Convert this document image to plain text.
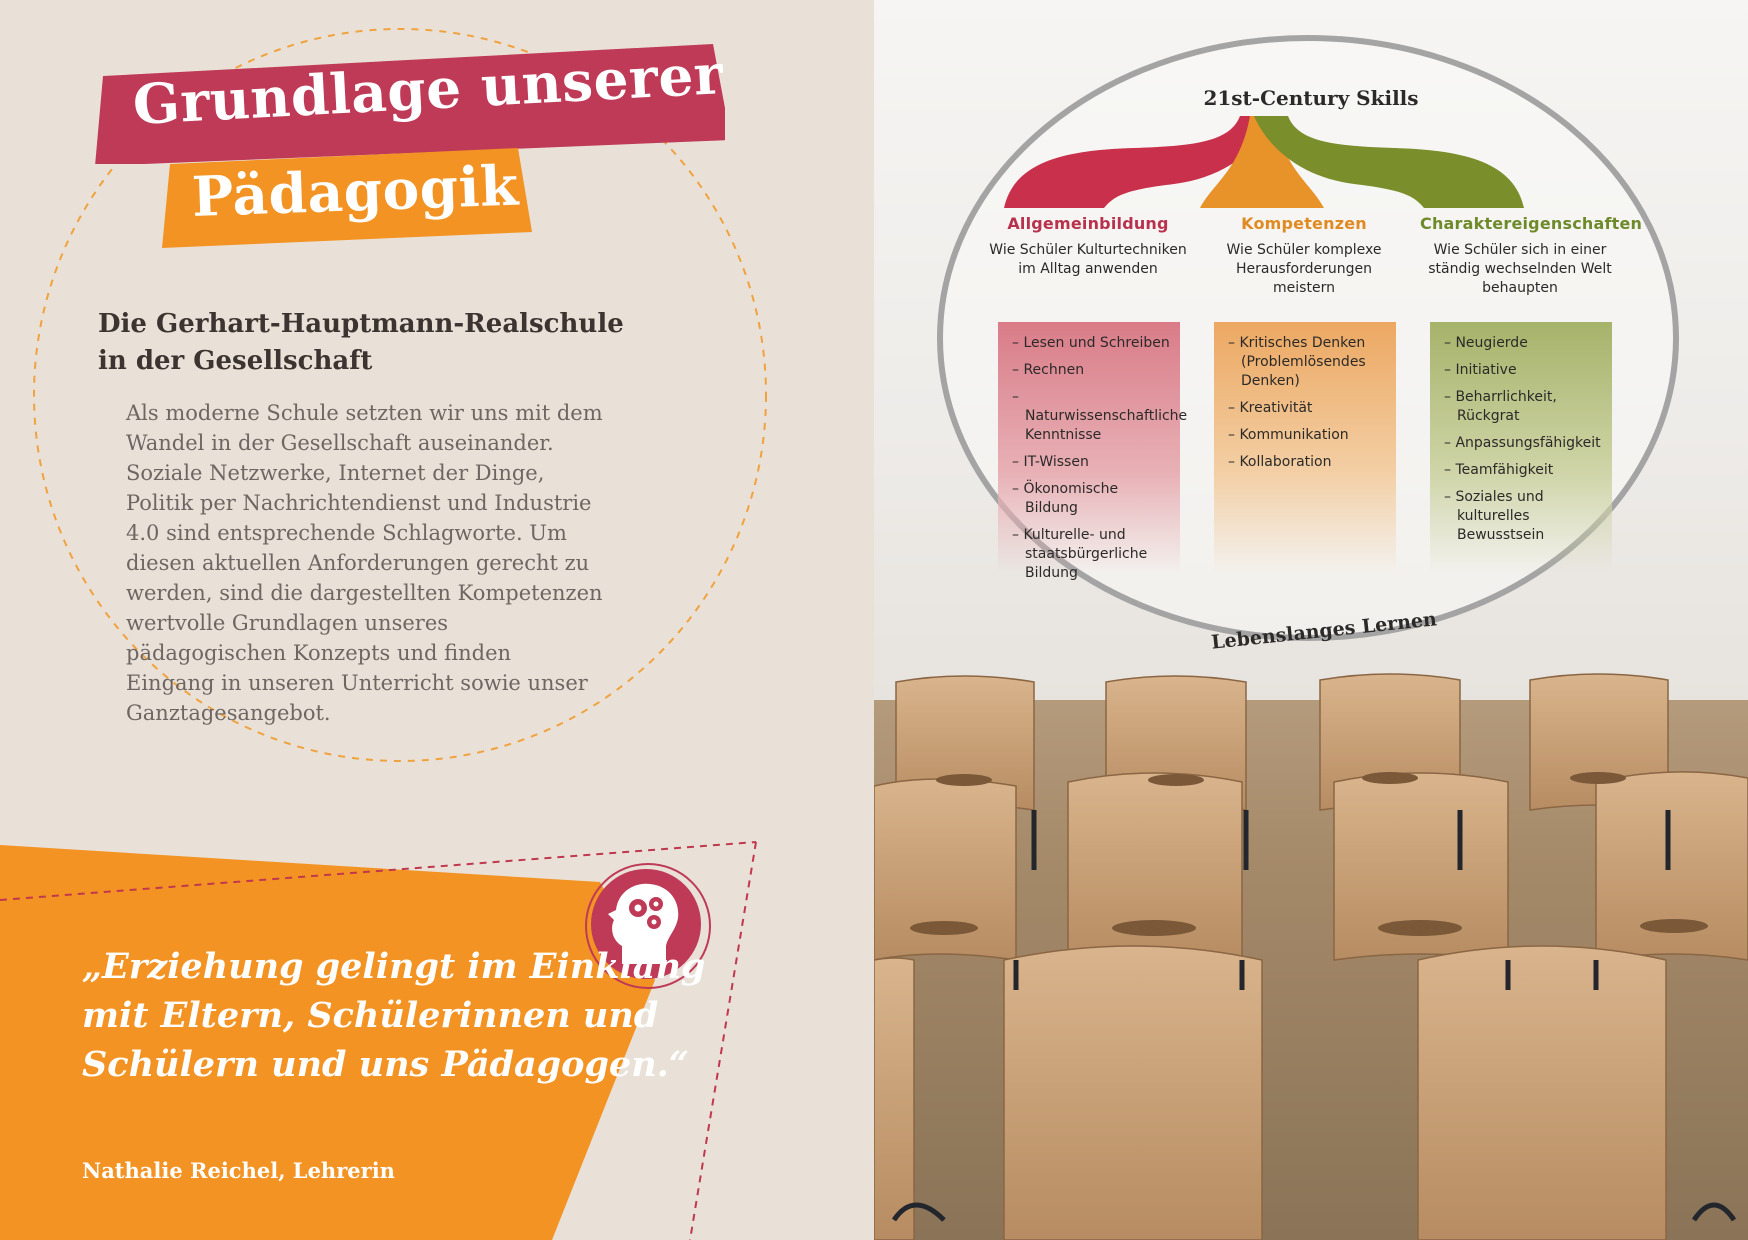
Grundlage unserer
Pädagogik
Die Gerhart-Hauptmann-Realschule in der Gesellschaft
Als moderne Schule setzten wir uns mit dem Wandel in der Gesellschaft auseinander. Soziale Netzwerke, Internet der Dinge, Politik per Nachrichtendienst und Industrie 4.0 sind entsprechende Schlagworte. Um diesen aktuellen Anforderungen gerecht zu werden, sind die dargestellten Kompetenzen wertvolle Grundlagen unseres pädagogischen Konzepts und finden Eingang in unseren Unterricht sowie unser Ganztagesangebot.
„Erziehung gelingt im Einklang mit Eltern, Schülerinnen und Schülern und uns Pädagogen.“
Nathalie Reichel, Lehrerin
21st-Century Skills
Allgemeinbildung
Wie Schüler Kulturtechniken im Alltag anwenden
– Lesen und Schreiben
– Rechnen
– Naturwissenschaftliche Kenntnisse
– IT-Wissen
– Ökonomische Bildung
– Kulturelle- und staatsbürgerliche Bildung
Kompetenzen
Wie Schüler komplexe Herausforderungen meistern
– Kritisches Denken (Problemlösendes Denken)
– Kreativität
– Kommunikation
– Kollaboration
Charaktereigenschaften
Wie Schüler sich in einer ständig wechselnden Welt behaupten
– Neugierde
– Initiative
– Beharrlichkeit, Rückgrat
– Anpassungsfähigkeit
– Teamfähigkeit
– Soziales und kulturelles Bewusstsein
Lebenslanges Lernen
